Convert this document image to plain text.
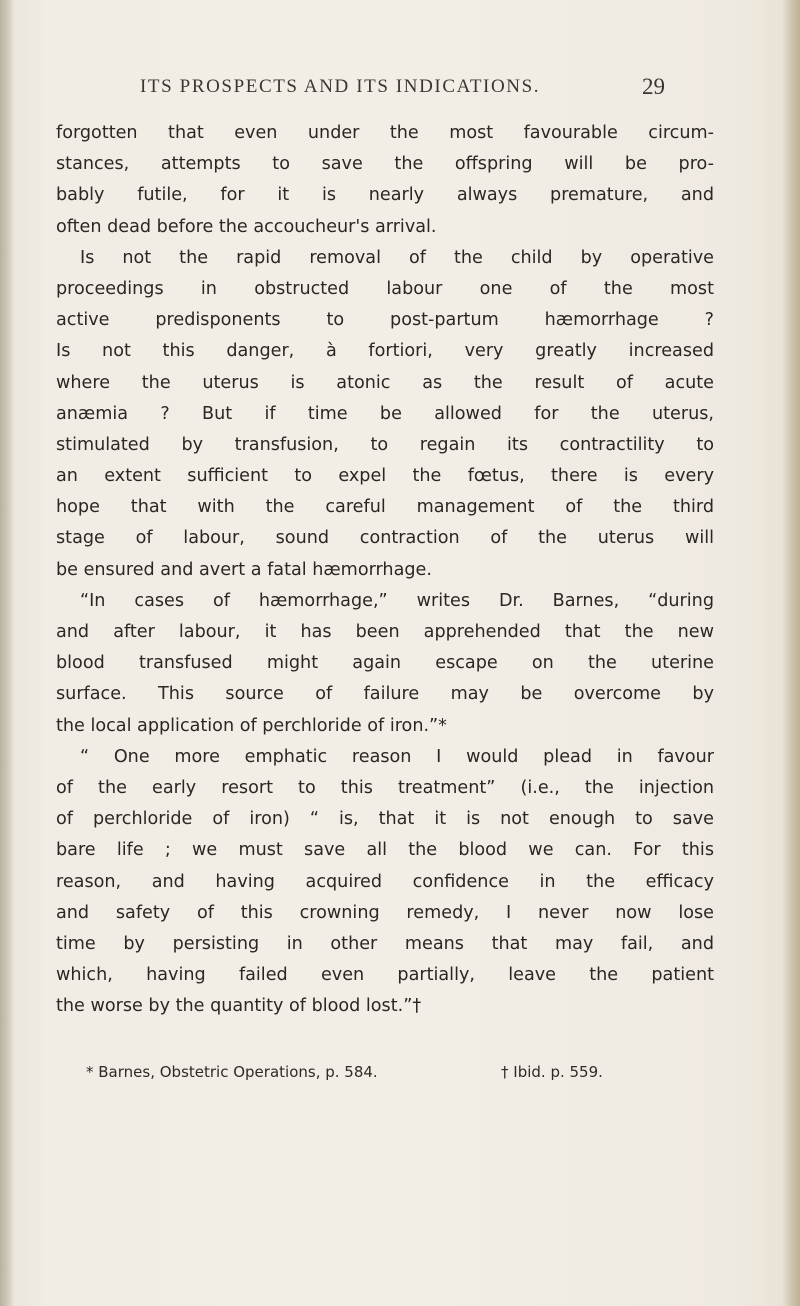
ITS PROSPECTS AND ITS INDICATIONS.	29
forgotten that even under the most favourable circum-
stances, attempts to save the offspring will be pro-
bably futile, for it is nearly always premature, and
often dead before the accoucheur's arrival.
Is not the rapid removal of the child by operative
proceedings in obstructed labour one of the most
active predisponents to post-partum hæmorrhage ?
Is not this danger, à fortiori, very greatly increased
where the uterus is atonic as the result of acute
anæmia ? But if time be allowed for the uterus,
stimulated by transfusion, to regain its contractility to
an extent sufficient to expel the fœtus, there is every
hope that with the careful management of the third
stage of labour, sound contraction of the uterus will
be ensured and avert a fatal hæmorrhage.
“In cases of hæmorrhage,” writes Dr. Barnes, “during
and after labour, it has been apprehended that the new
blood transfused might again escape on the uterine
surface. This source of failure may be overcome by
the local application of perchloride of iron.”*
“ One more emphatic reason I would plead in favour
of the early resort to this treatment” (i.e., the injection
of perchloride of iron) “ is, that it is not enough to save
bare life ; we must save all the blood we can. For this
reason, and having acquired confidence in the efficacy
and safety of this crowning remedy, I never now lose
time by persisting in other means that may fail, and
which, having failed even partially, leave the patient
the worse by the quantity of blood lost.”†
* Barnes, Obstetric Operations, p. 584.	† Ibid. p. 559.
